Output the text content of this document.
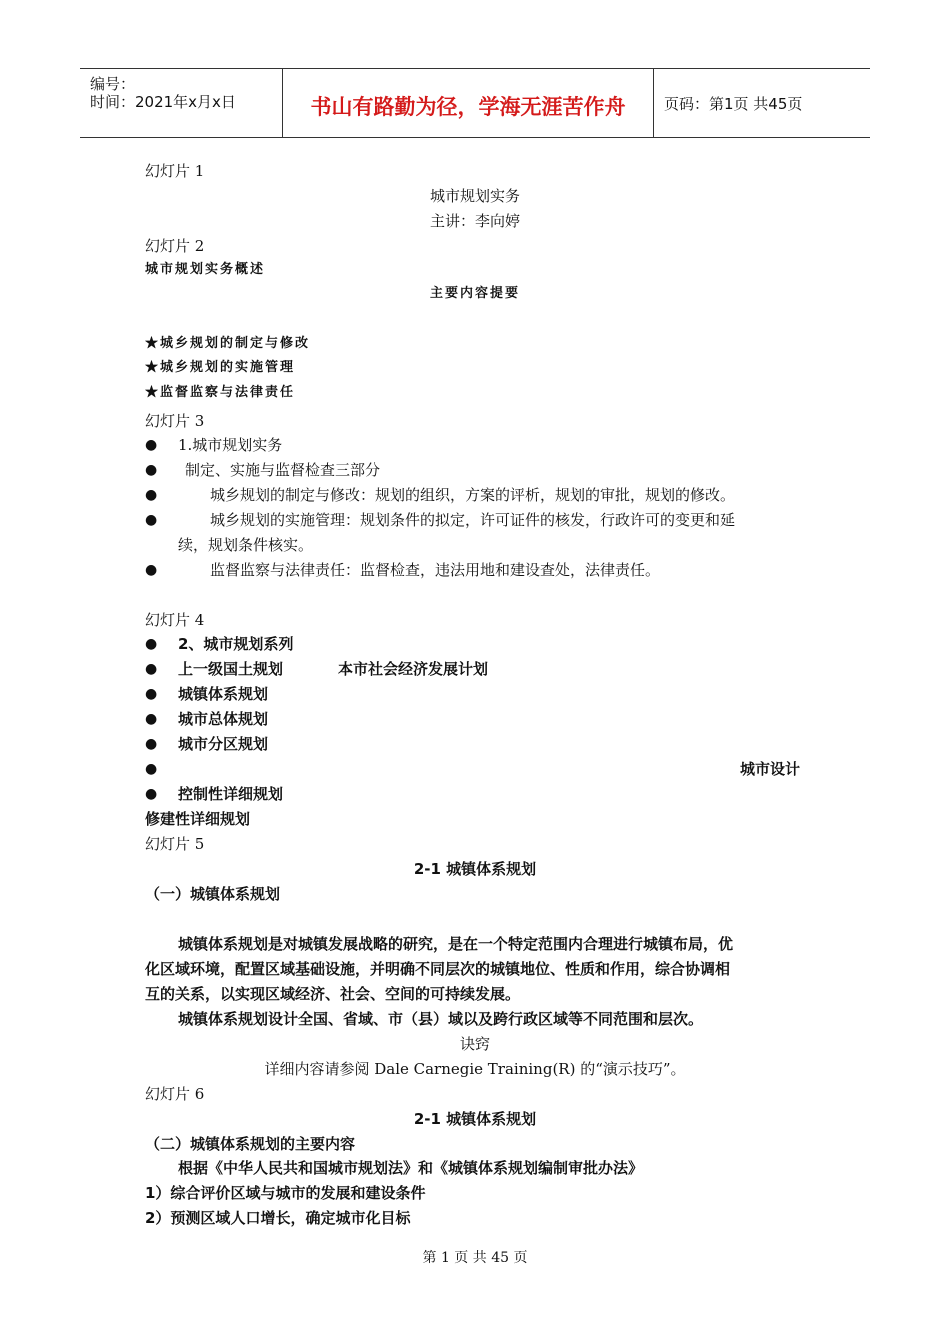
编号：
时间：2021年x月x日	书山有路勤为径，学海无涯苦作舟	页码：第1页 共45页
幻灯片 1
城市规划实务
主讲：李向婷
幻灯片 2
城市规划实务概述
主要内容提要
★城乡规划的制定与修改
★城乡规划的实施管理
★监督监察与法律责任
幻灯片 3
● 1.城市规划实务
● 制定、实施与监督检查三部分
●	城乡规划的制定与修改：规划的组织，方案的评析，规划的审批，规划的修改。
●	城乡规划的实施管理：规划条件的拟定，许可证件的核发，行政许可的变更和延
续，规划条件核实。
●	监督监察与法律责任：监督检查，违法用地和建设查处，法律责任。
幻灯片 4
● 2、城市规划系列
● 上一级国土规划	本市社会经济发展计划
● 城镇体系规划
● 城市总体规划
● 城市分区规划
●	城市设计
● 控制性详细规划
修建性详细规划
幻灯片 5
2-1 城镇体系规划
（一）城镇体系规划
城镇体系规划是对城镇发展战略的研究，是在一个特定范围内合理进行城镇布局，优
化区域环境，配置区域基础设施，并明确不同层次的城镇地位、性质和作用，综合协调相
互的关系，以实现区域经济、社会、空间的可持续发展。
城镇体系规划设计全国、省域、市（县）域以及跨行政区域等不同范围和层次。
诀窍
详细内容请参阅 Dale Carnegie Training(R) 的“演示技巧”。
幻灯片 6
2-1 城镇体系规划
（二）城镇体系规划的主要内容
根据《中华人民共和国城市规划法》和《城镇体系规划编制审批办法》
1）综合评价区域与城市的发展和建设条件
2）预测区域人口增长，确定城市化目标
第 1 页 共 45 页
